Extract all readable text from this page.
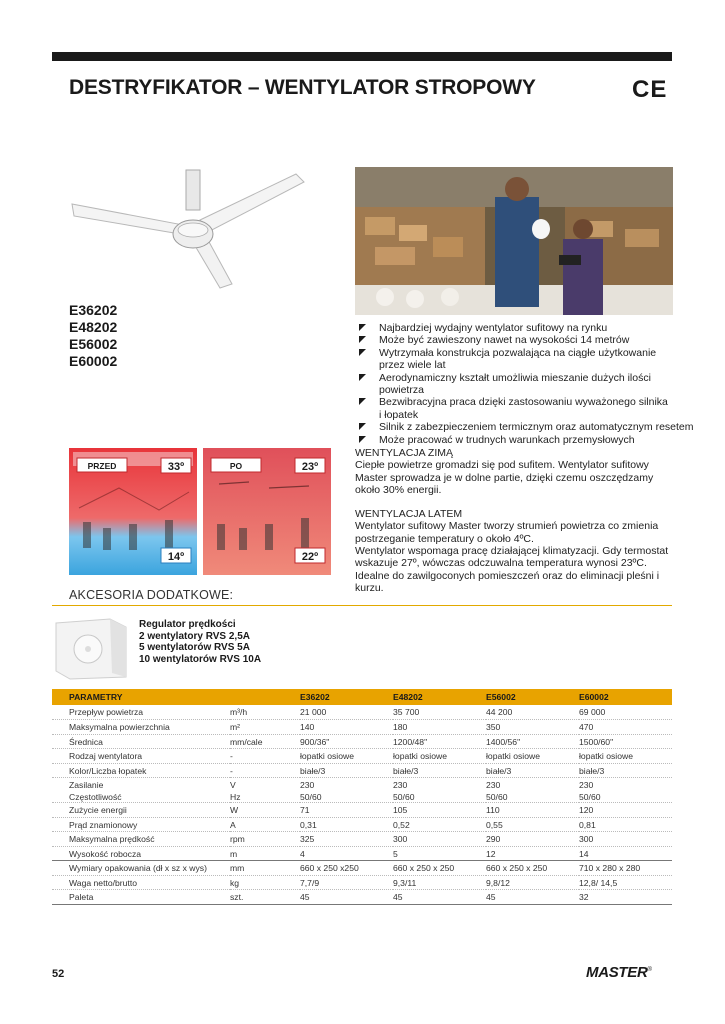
DESTRYFIKATOR – WENTYLATOR STROPOWY	CE
E36202
E48202
E56002
E60002
Najbardziej wydajny wentylator sufitowy na rynku
Może być zawieszony nawet na wysokości 14 metrów
Wytrzymała konstrukcja pozwalająca na ciągłe użytkowanie
przez wiele lat
Aerodynamiczny kształt umożliwia mieszanie dużych ilości powietrza
Bezwibracyjna praca dzięki zastosowaniu wyważonego silnika
i łopatek
Silnik z zabezpieczeniem termicznym oraz automatycznym resetem
Może pracować w trudnych warunkach przemysłowych
PRZED	33º
14º
PO	23º
22º

WENTYLACJA ZIMĄ

Ciepłe powietrze gromadzi się pod sufitem. Wentylator sufitowy

Master sprowadza je w dolne partie, dzięki czemu oszczędzamy

około 30% energii.

WENTYLACJA LATEM

Wentylator sufitowy Master tworzy strumień powietrza co zmienia

postrzeganie temperatury o około 4ºC.

Wentylator wspomaga pracę działającej klimatyzacji. Gdy termostat

wskazuje 27º, wówczas odczuwalna temperatura wynosi 23ºC.

Idealne do zawilgoconych pomieszczeń oraz do eliminacji pleśni i kurzu.

AKCESORIA DODATKOWE:
Regulator prędkości
2 wentylatory RVS 2,5A
5 wentylatorów RVS 5A
10 wentylatorów RVS 10A
PARAMETRY		E36202	E48202	E56002	E60002
Przepływ powietrza	m³/h	21 000	35 700	44 200	69 000
Maksymalna powierzchnia	m²	140	180	350	470
Średnica	mm/cale	900/36"	1200/48"	1400/56"	1500/60"
Rodzaj wentylatora	-	łopatki osiowe	łopatki osiowe	łopatki osiowe	łopatki osiowe
Kolor/Liczba łopatek	-	białe/3	białe/3	białe/3	białe/3
Zasilanie	V	230	230	230	230
Częstotliwość	Hz	50/60	50/60	50/60	50/60
Zużycie energii	W	71	105	110	120
Prąd znamionowy	A	0,31	0,52	0,55	0,81
Maksymalna prędkość	rpm	325	300	290	300
Wysokość robocza	m	4	5	12	14
Wymiary opakowania (dł x sz x wys)	mm	660 x 250 x250	660 x 250 x 250	660 x 250 x 250	710 x 280 x 280
Waga netto/brutto	kg	7,7/9	9,3/11	9,8/12	12,8/ 14,5
Paleta	szt.	45	45	45	32
52	MASTER®
